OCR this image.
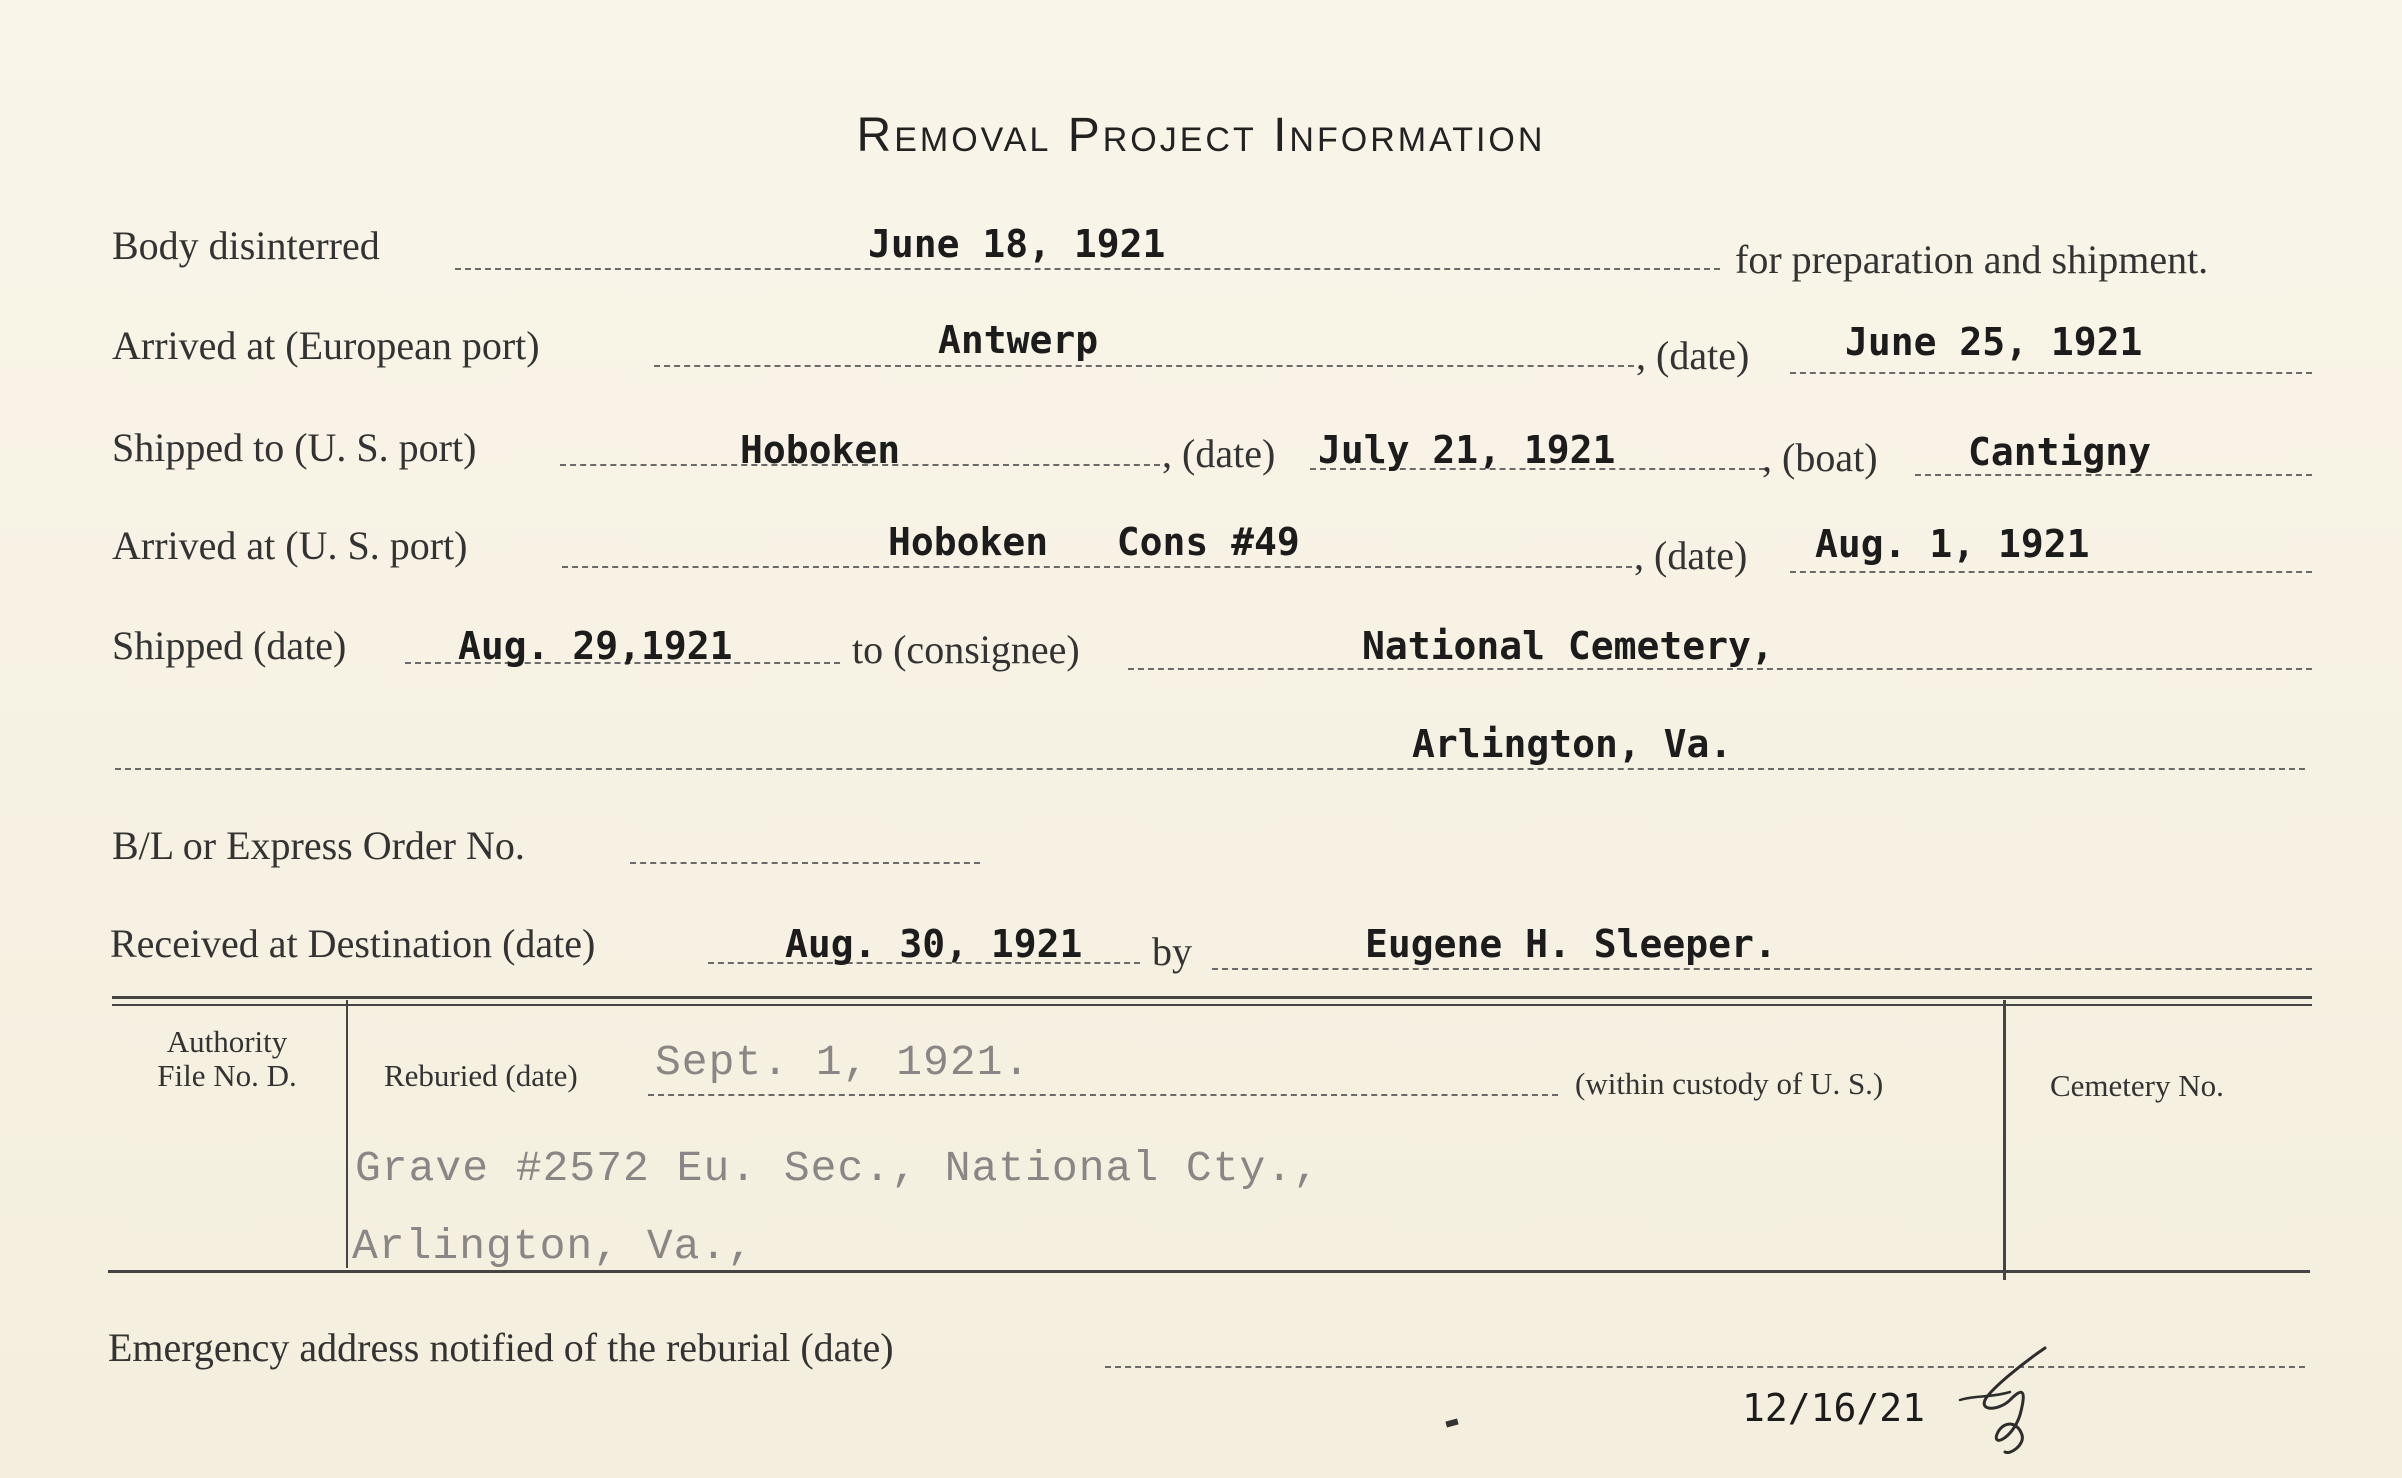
Removal Project Information
Body disinterred	June 18, 1921	for preparation and shipment.
Arrived at (European port)	Antwerp	, (date)	June 25, 1921
Shipped to (U. S. port)	Hoboken	, (date) July 21, 1921	, (boat) Cantigny
Arrived at (U. S. port)	Hoboken   Cons #49	, (date) Aug. 1, 1921
Shipped (date)	Aug. 29,1921	to (consignee)	National Cemetery,
Arlington, Va.
B/L or Express Order No.
Received at Destination (date)	Aug. 30, 1921 by	Eugene H. Sleeper.
Authority
File No. D.	Reburied (date) Sept. 1, 1921.	(within custody of U. S.)
Grave #2572 Eu. Sec., National Cty.,
Arlington, Va.,
Cemetery No.
Emergency address notified of the reburial (date)
12/16/21
